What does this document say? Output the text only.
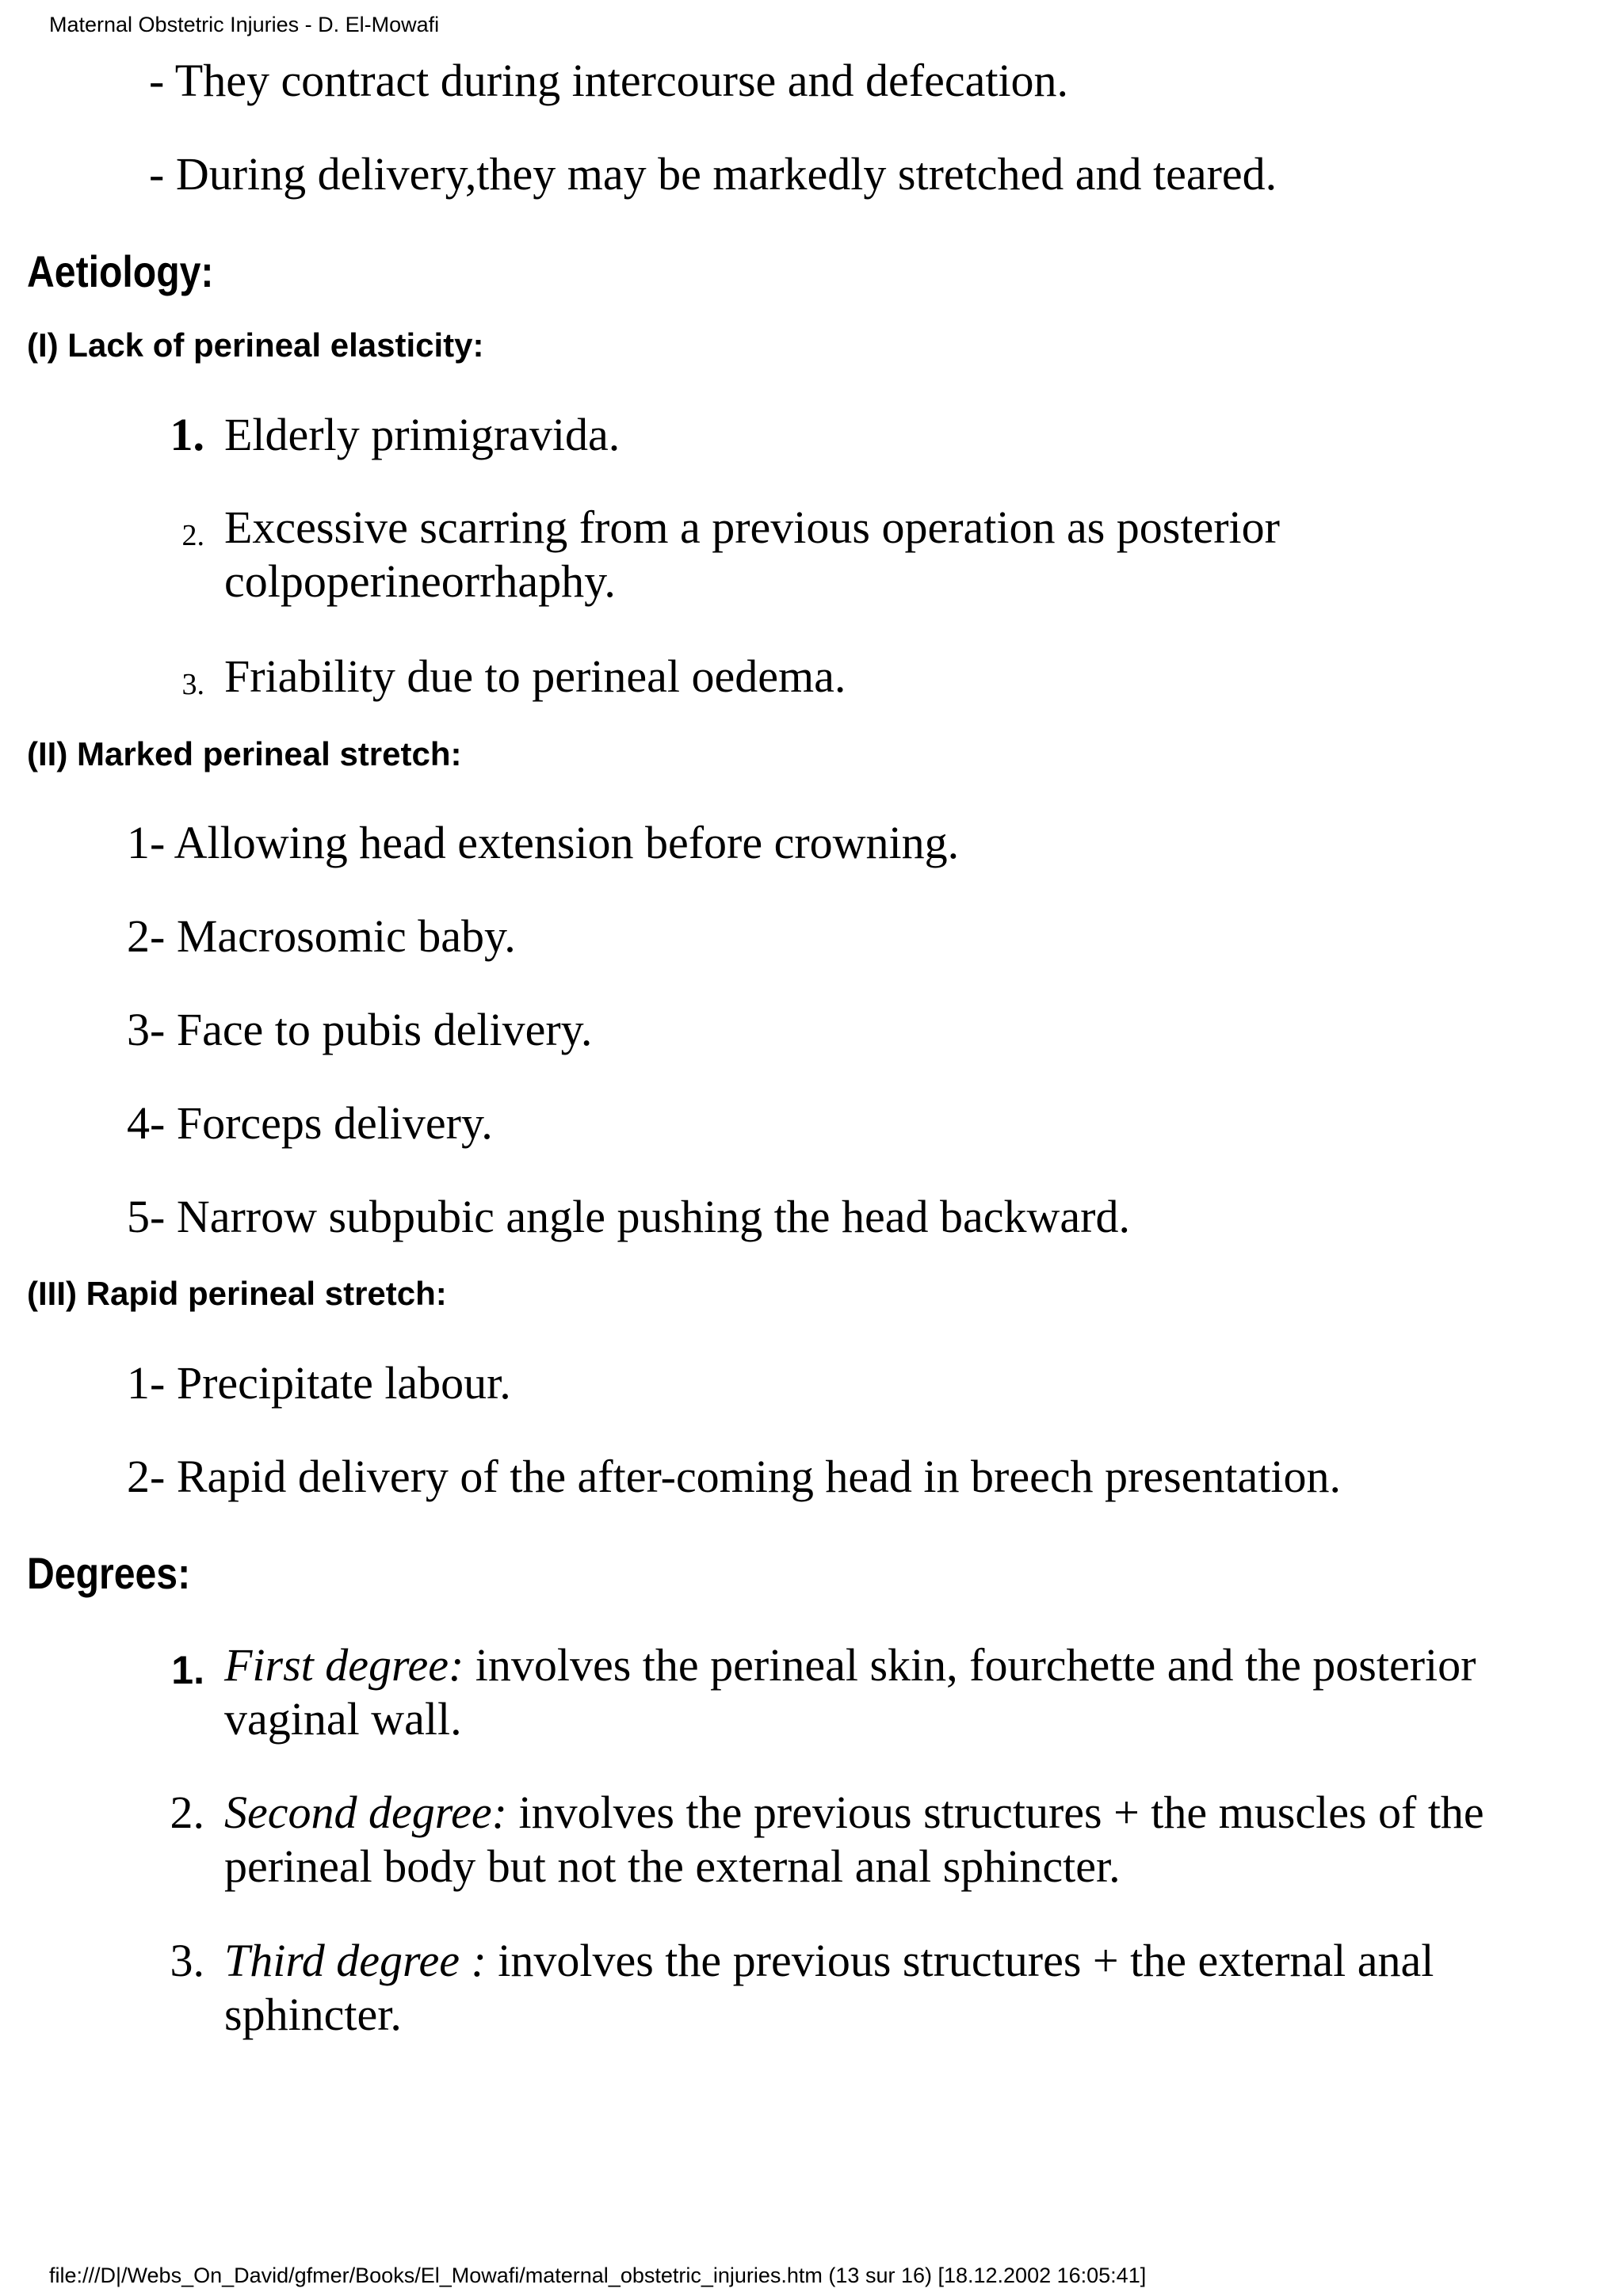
Maternal Obstetric Injuries - D. El-Mowafi
- They contract during intercourse and defecation.
- During delivery,they may be markedly stretched and teared.
Aetiology:
(I) Lack of perineal elasticity:
1. Elderly primigravida.
2. Excessive scarring from a previous operation as posterior colpoperineorrhaphy.
3. Friability due to perineal oedema.
(II) Marked perineal stretch:
1- Allowing head extension before crowning.
2- Macrosomic baby.
3- Face to pubis delivery.
4- Forceps delivery.
5- Narrow subpubic angle pushing the head backward.
(III) Rapid perineal stretch:
1- Precipitate labour.
2- Rapid delivery of the after-coming head in breech presentation.
Degrees:
1. First degree: involves the perineal skin, fourchette and the posterior vaginal wall.
2. Second degree: involves the previous structures + the muscles of the perineal body but not the external anal sphincter.
3. Third degree : involves the previous structures + the external anal sphincter.
file:///D|/Webs_On_David/gfmer/Books/El_Mowafi/maternal_obstetric_injuries.htm (13 sur 16) [18.12.2002 16:05:41]
